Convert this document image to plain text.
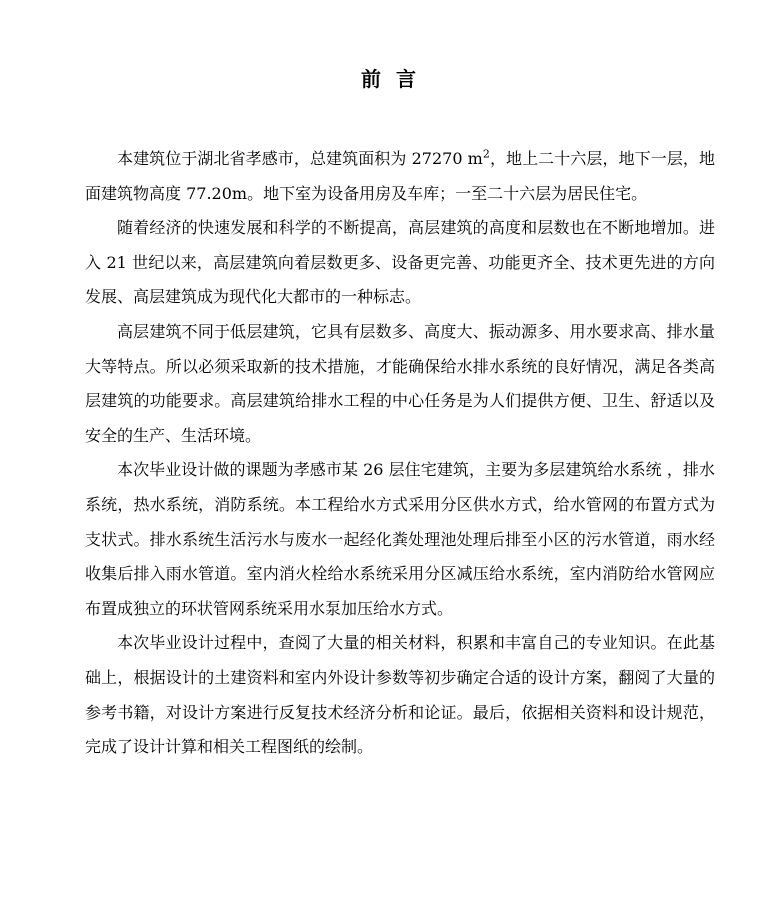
前 言

本建筑位于湖北省孝感市，总建筑面积为 27270 $m^2$，地上二十六层，地下一层，地面建筑物高度 77.20m。地下室为设备用房及车库；一至二十六层为居民住宅。

随着经济的快速发展和科学的不断提高，高层建筑的高度和层数也在不断地增加。进入 21 世纪以来，高层建筑向着层数更多、设备更完善、功能更齐全、技术更先进的方向发展、高层建筑成为现代化大都市的一种标志。

高层建筑不同于低层建筑，它具有层数多、高度大、振动源多、用水要求高、排水量大等特点。所以必须采取新的技术措施，才能确保给水排水系统的良好情况，满足各类高层建筑的功能要求。高层建筑给排水工程的中心任务是为人们提供方便、卫生、舒适以及安全的生产、生活环境。

本次毕业设计做的课题为孝感市某 26 层住宅建筑，主要为多层建筑给水系统 ，排水系统，热水系统，消防系统。本工程给水方式采用分区供水方式，给水管网的布置方式为支状式。排水系统生活污水与废水一起经化粪处理池处理后排至小区的污水管道，雨水经收集后排入雨水管道。室内消火栓给水系统采用分区减压给水系统，室内消防给水管网应布置成独立的环状管网系统采用水泵加压给水方式。

本次毕业设计过程中，查阅了大量的相关材料，积累和丰富自己的专业知识。在此基础上，根据设计的土建资料和室内外设计参数等初步确定合适的设计方案，翻阅了大量的参考书籍，对设计方案进行反复技术经济分析和论证。最后，依据相关资料和设计规范，完成了设计计算和相关工程图纸的绘制。
